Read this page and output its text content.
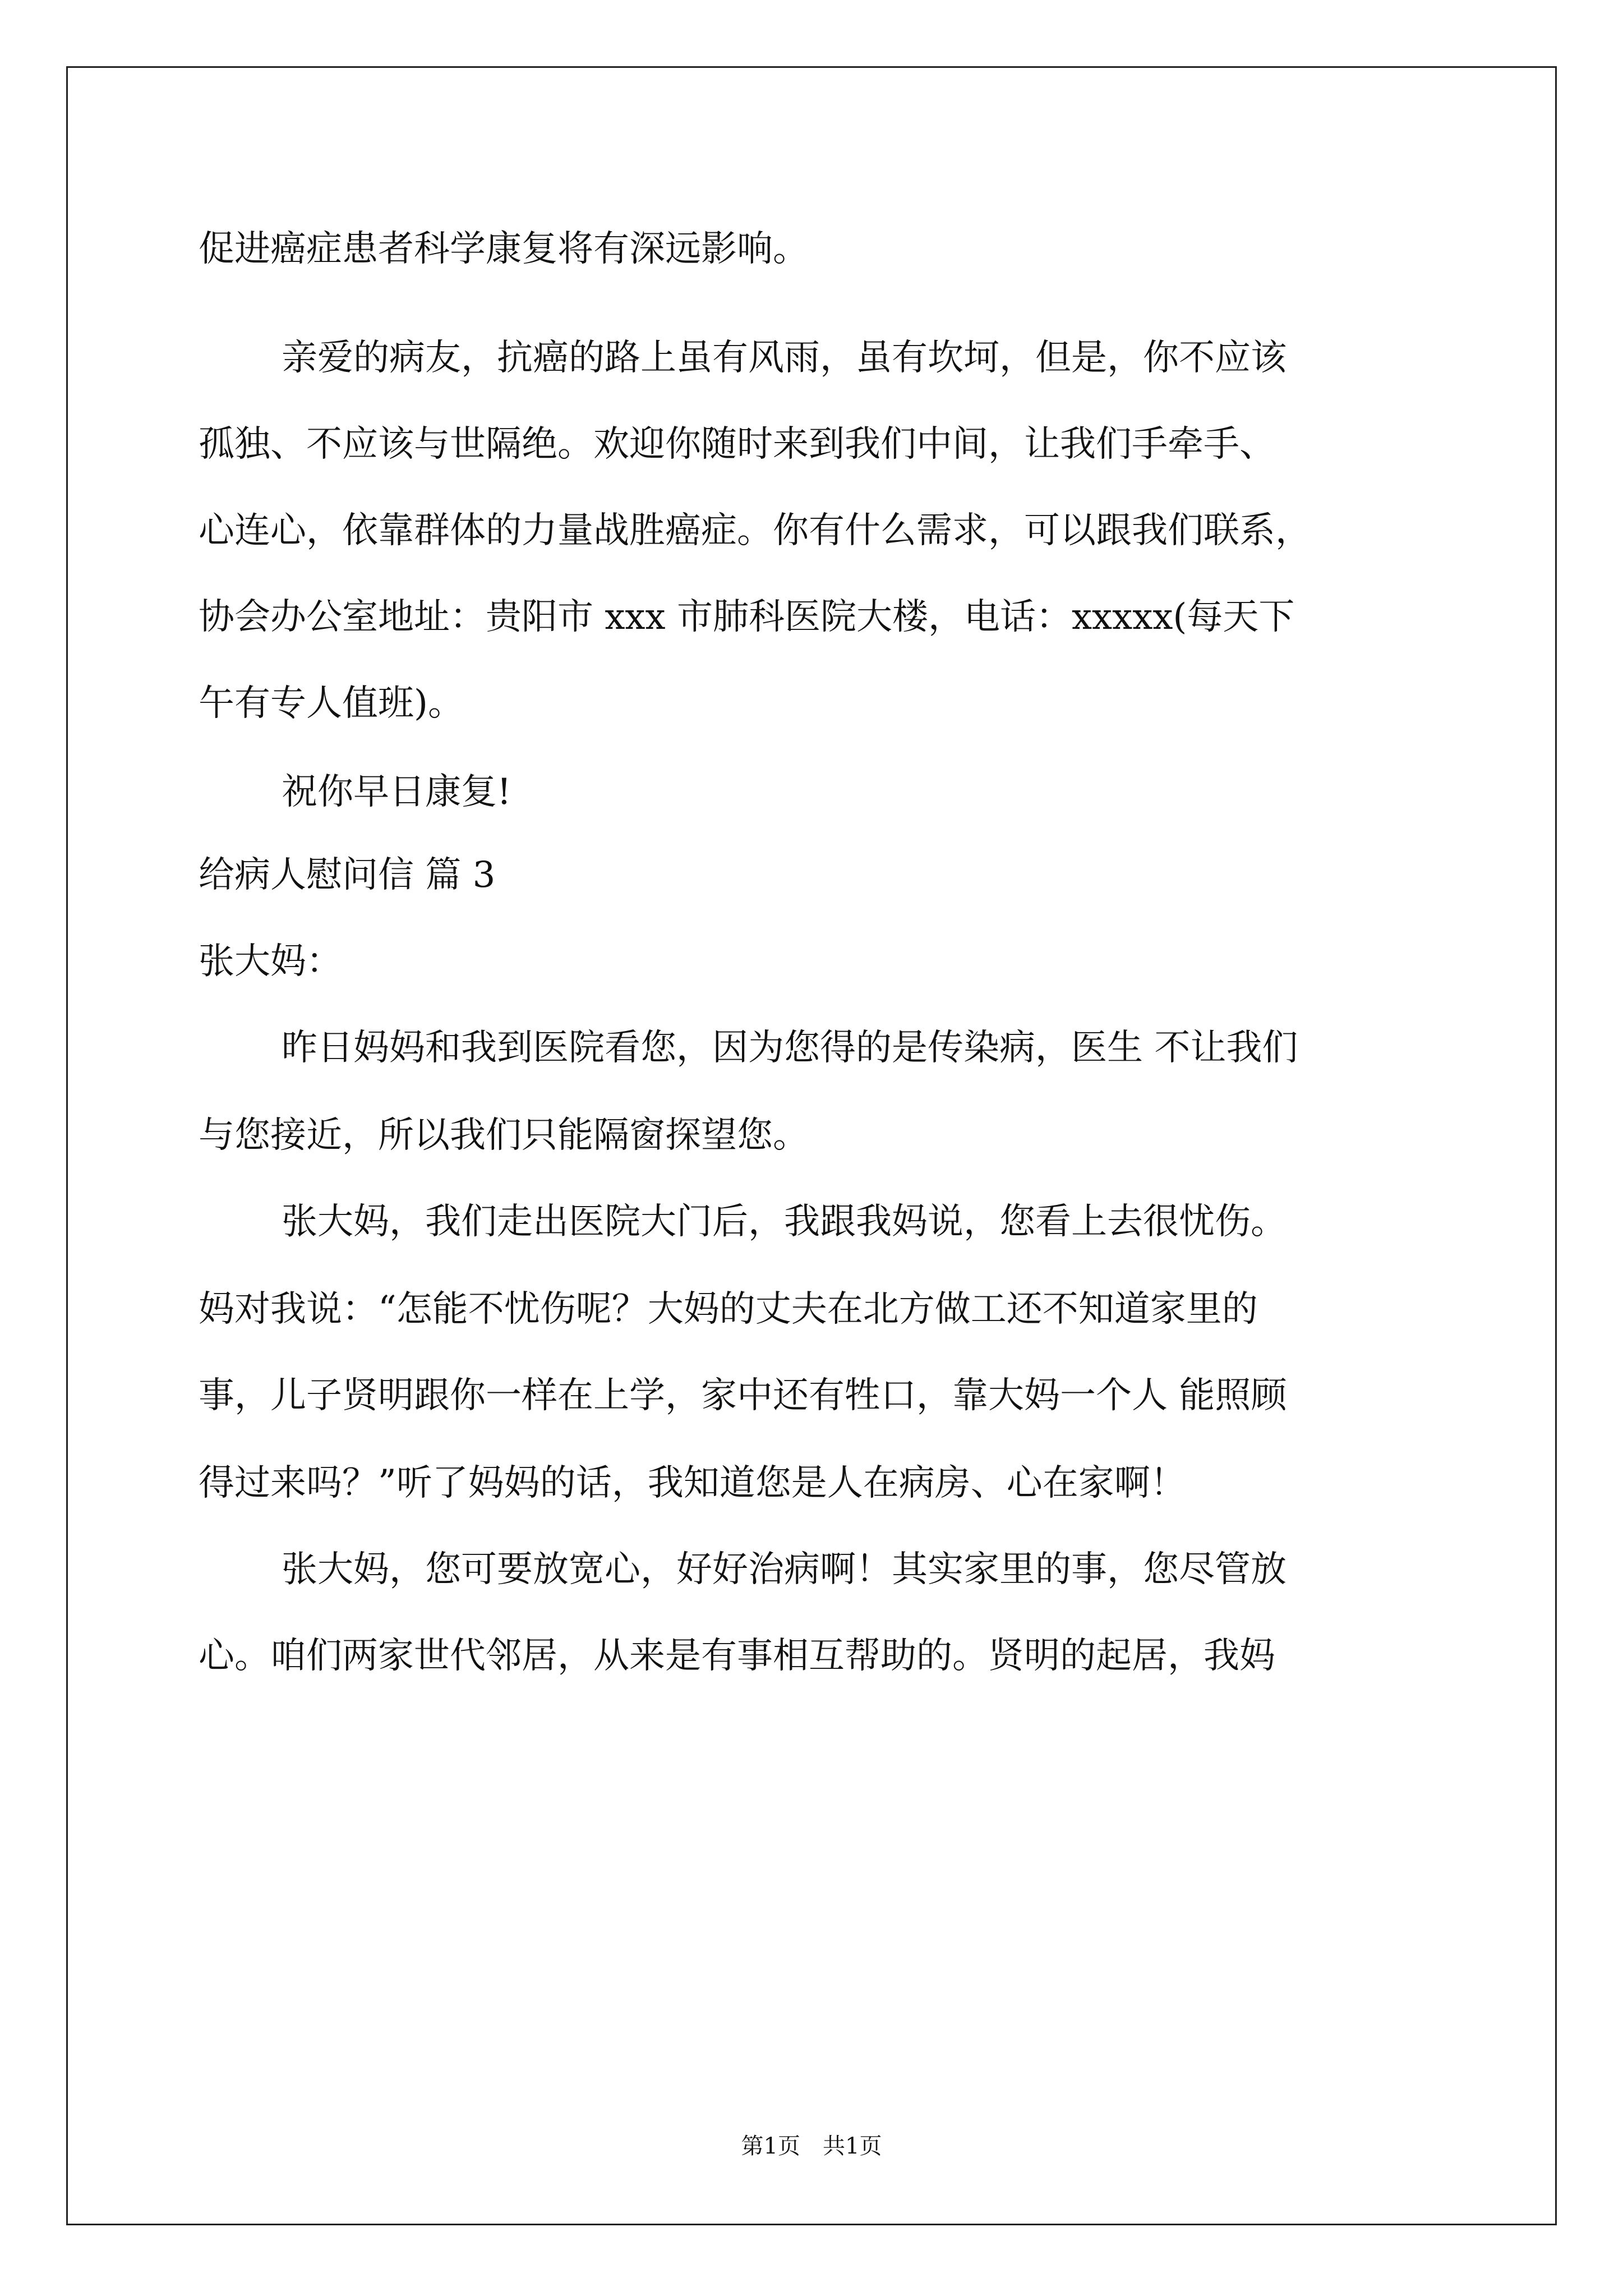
促进癌症患者科学康复将有深远影响。
亲爱的病友，抗癌的路上虽有风雨，虽有坎坷，但是，你不应该
孤独、不应该与世隔绝。欢迎你随时来到我们中间，让我们手牵手、
心连心，依靠群体的力量战胜癌症。你有什么需求，可以跟我们联系，
协会办公室地址：贵阳市 xxx 市肺科医院大楼，电话：xxxxx(每天下
午有专人值班)。
祝你早日康复!
给病人慰问信 篇 3
张大妈：
昨日妈妈和我到医院看您，因为您得的是传染病，医生 不让我们
与您接近，所以我们只能隔窗探望您。
张大妈，我们走出医院大门后，我跟我妈说，您看上去很忧伤。
妈对我说：“怎能不忧伤呢？大妈的丈夫在北方做工还不知道家里的
事，儿子贤明跟你一样在上学，家中还有牲口，靠大妈一个人 能照顾
得过来吗？”听了妈妈的话，我知道您是人在病房、心在家啊！
张大妈，您可要放宽心，好好治病啊！其实家里的事，您尽管放
心。咱们两家世代邻居，从来是有事相互帮助的。贤明的起居，我妈
第1页 共1页
